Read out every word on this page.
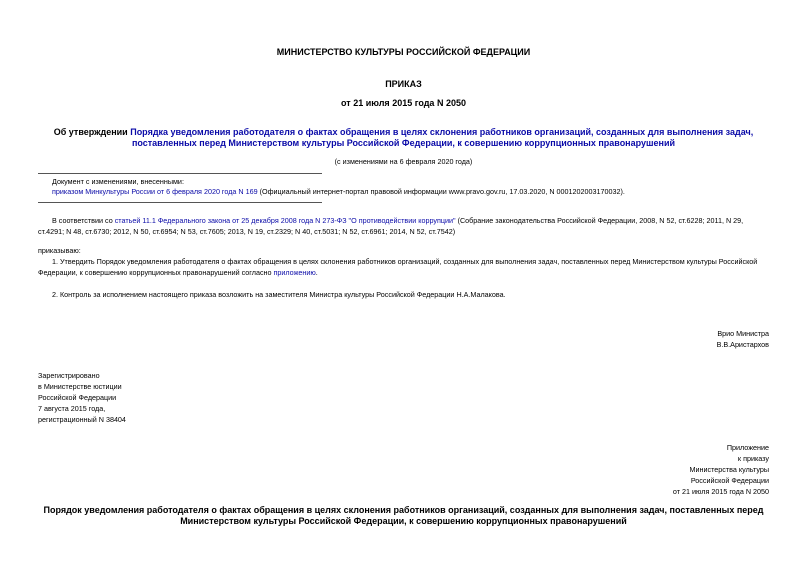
МИНИСТЕРСТВО КУЛЬТУРЫ РОССИЙСКОЙ ФЕДЕРАЦИИ
ПРИКАЗ
от 21 июля 2015 года N 2050
Об утверждении Порядка уведомления работодателя о фактах обращения в целях склонения работников организаций, созданных для выполнения задач,
поставленных перед Министерством культуры Российской Федерации, к совершению коррупционных правонарушений
(с изменениями на 6 февраля 2020 года)
Документ с изменениями, внесенными:
приказом Минкультуры России от 6 февраля 2020 года N 169 (Официальный интернет-портал правовой информации www.pravo.gov.ru, 17.03.2020, N 0001202003170032).
В соответствии со статьей 11.1 Федерального закона от 25 декабря 2008 года N 273-ФЗ "О противодействии коррупции" (Собрание законодательства Российской Федерации, 2008, N 52, ст.6228; 2011, N 29,
ст.4291; N 48, ст.6730; 2012, N 50, ст.6954; N 53, ст.7605; 2013, N 19, ст.2329; N 40, ст.5031; N 52, ст.6961; 2014, N 52, ст.7542)
приказываю:
1. Утвердить Порядок уведомления работодателя о фактах обращения в целях склонения работников организаций, созданных для выполнения задач, поставленных перед Министерством культуры Российской
Федерации, к совершению коррупционных правонарушений согласно приложению.
2. Контроль за исполнением настоящего приказа возложить на заместителя Министра культуры Российской Федерации Н.А.Малакова.
Врио Министра
В.В.Аристархов
Зарегистрировано
в Министерстве юстиции
Российской Федерации
7 августа 2015 года,
регистрационный N 38404
Приложение
к приказу
Министерства культуры
Российской Федерации
от 21 июля 2015 года N 2050
Порядок уведомления работодателя о фактах обращения в целях склонения работников организаций, созданных для выполнения задач, поставленных перед
Министерством культуры Российской Федерации, к совершению коррупционных правонарушений
